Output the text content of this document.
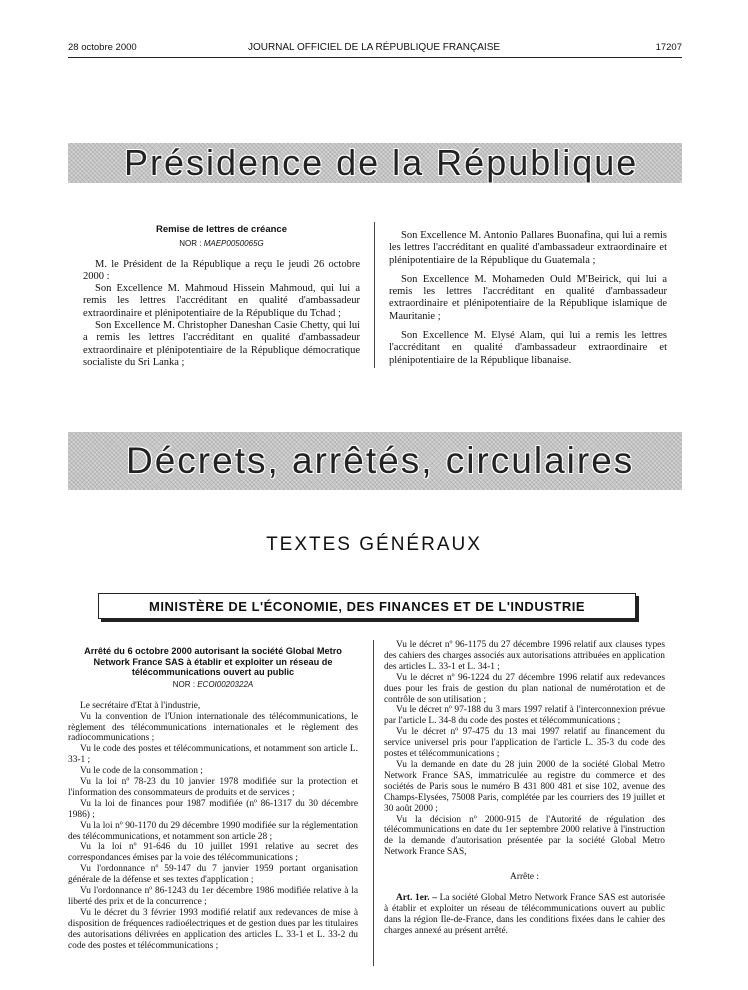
28 octobre 2000	JOURNAL OFFICIEL DE LA RÉPUBLIQUE FRANÇAISE	17207
Présidence de la République
Remise de lettres de créance
NOR : MAEP0050065G

M. le Président de la République a reçu le jeudi 26 octobre 2000 :

Son Excellence M. Mahmoud Hissein Mahmoud, qui lui a remis les lettres l'accréditant en qualité d'ambassadeur extraordinaire et plénipotentiaire de la République du Tchad ;

Son Excellence M. Christopher Daneshan Casie Chetty, qui lui a remis les lettres l'accréditant en qualité d'ambassadeur extraordinaire et plénipotentiaire de la République démocratique socialiste du Sri Lanka ;

Son Excellence M. Antonio Pallares Buonafina, qui lui a remis les lettres l'accréditant en qualité d'ambassadeur extraordinaire et plénipotentiaire de la République du Guatemala ;

Son Excellence M. Mohameden Ould M'Beirick, qui lui a remis les lettres l'accréditant en qualité d'ambassadeur extraordinaire et plénipotentiaire de la République islamique de Mauritanie ;

Son Excellence M. Elysé Alam, qui lui a remis les lettres l'accréditant en qualité d'ambassadeur extraordinaire et plénipotentiaire de la République libanaise.

Décrets, arrêtés, circulaires
TEXTES GÉNÉRAUX
MINISTÈRE DE L'ÉCONOMIE, DES FINANCES ET DE L'INDUSTRIE
Arrêté du 6 octobre 2000 autorisant la société Global Metro Network France SAS à établir et exploiter un réseau de télécommunications ouvert au public
NOR : ECOI0020322A

Le secrétaire d'Etat à l'industrie,

Vu la convention de l'Union internationale des télécommunications, le règlement des télécommunications internationales et le règlement des radiocommunications ;

Vu le code des postes et télécommunications, et notamment son article L. 33-1 ;

Vu le code de la consommation ;

Vu la loi nº 78-23 du 10 janvier 1978 modifiée sur la protection et l'information des consommateurs de produits et de services ;

Vu la loi de finances pour 1987 modifiée (nº 86-1317 du 30 décembre 1986) ;

Vu la loi nº 90-1170 du 29 décembre 1990 modifiée sur la réglementation des télécommunications, et notamment son article 28 ;

Vu la loi nº 91-646 du 10 juillet 1991 relative au secret des correspondances émises par la voie des télécommunications ;

Vu l'ordonnance nº 59-147 du 7 janvier 1959 portant organisation générale de la défense et ses textes d'application ;

Vu l'ordonnance nº 86-1243 du 1er décembre 1986 modifiée relative à la liberté des prix et de la concurrence ;

Vu le décret du 3 février 1993 modifié relatif aux redevances de mise à disposition de fréquences radioélectriques et de gestion dues par les titulaires des autorisations délivrées en application des articles L. 33-1 et L. 33-2 du code des postes et télécommunications ;

Vu le décret nº 96-1175 du 27 décembre 1996 relatif aux clauses types des cahiers des charges associés aux autorisations attribuées en application des articles L. 33-1 et L. 34-1 ;

Vu le décret nº 96-1224 du 27 décembre 1996 relatif aux redevances dues pour les frais de gestion du plan national de numérotation et de contrôle de son utilisation ;

Vu le décret nº 97-188 du 3 mars 1997 relatif à l'interconnexion prévue par l'article L. 34-8 du code des postes et télécommunications ;

Vu le décret nº 97-475 du 13 mai 1997 relatif au financement du service universel pris pour l'application de l'article L. 35-3 du code des postes et télécommunications ;

Vu la demande en date du 28 juin 2000 de la société Global Metro Network France SAS, immatriculée au registre du commerce et des sociétés de Paris sous le numéro B 431 800 481 et sise 102, avenue des Champs-Elysées, 75008 Paris, complétée par les courriers des 19 juillet et 30 août 2000 ;

Vu la décision nº 2000-915 de l'Autorité de régulation des télécommunications en date du 1er septembre 2000 relative à l'instruction de la demande d'autorisation présentée par la société Global Metro Network France SAS,

Arrête :

Art. 1er. – La société Global Metro Network France SAS est autorisée à établir et exploiter un réseau de télécommunications ouvert au public dans la région Ile-de-France, dans les conditions fixées dans le cahier des charges annexé au présent arrêté.
